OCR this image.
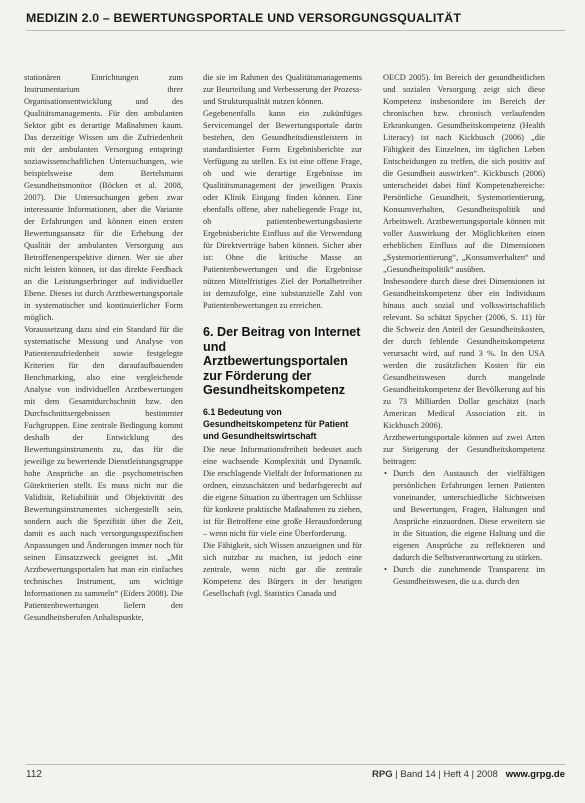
MEDIZIN 2.0 – BEWERTUNGSPORTALE UND VERSORGUNGSQUALITÄT

stationären Einrichtungen zum Instrumentarium ihrer Organisationsentwicklung und des Qualitätsmanagements. Für den ambulanten Sektor gibt es derartige Maßnahmen kaum. Das derzeitige Wissen um die Zufriedenheit mit der ambulanten Versorgung entspringt soziawissenschaftlichen Untersuchungen, wie beispielsweise dem Bertelsmann Gesundheitsmonitor (Böcken et al. 2008, 2007). Die Untersuchungen geben zwar interessante Informationen, aber die Variante der Erfahrungen und können einen ersten Bewertungsansatz für die Erhebung der Qualität der ambulanten Versorgung aus Betroffenenperspektive dienen. Wer sie aber nicht leisten können, ist das direkte Feedback an die Leistungserbringer auf individueller Ebene. Dieses ist durch Arztbewertungsportale in systematischer und kontinuierlicher Form möglich.

Voraussetzung dazu sind ein Standard für die systematische Messung und Analyse von Patientenzufriedenheit sowie festgelegte Kriterien für den daraufaufbauenden Benchmarking, also eine vergleichende Analyse von individuellen Arztbewertungen mit dem Gesamtdurchschnitt bzw. den Durchschnittsergebnissen bestimmter Fachgruppen. Eine zentrale Bedingung kommt deshalb der Entwicklung des Bewertungsinstruments zu, das für die jeweilige zu bewertende Dienstleistungsgruppe hohe Ansprüche an die psychometrischen Gütekriterien stellt. Es muss nicht nur die Validität, Reliabilität und Objektivität des Bewertungsinstrumentes sichergestellt sein, sondern auch die Spezifität über die Zeit, damit es auch nach versorgungsspezifischen Anpassungen und Änderungen immer noch für seinen Einsatzzweck geeignet ist. „Mit Arztbewertungsportalen hat man ein einfaches technisches Instrument, um wichtige Informationen zu sammeln“ (Eiders 2008). Die Patientenbewertungen liefern den Gesundheitsberufen Anhaltspunkte,

die sie im Rahmen des Qualitätsmanagements zur Beurteilung und Verbesserung der Prozess- und Strukturqualität nutzen können.

Gegebenenfalls kann ein zukünftiges Servicemangel der Bewertungsportale darin bestehen, den Gesundheitsdienstleistern in standardisierter Form Ergebnisberichte zur Verfügung zu stellen. Es ist eine offene Frage, ob und wie derartige Ergebnisse im Qualitätsmanagement der jeweiligen Praxis oder Klinik Eingang finden können. Eine ebenfalls offene, aber naheliegende Frage ist, ob patientenbewertungsbasierte Ergebnisberichte Einfluss auf die Verwendung für Direktverträge haben können. Sicher aber ist: Ohne die kritische Masse an Patientenbewertungen und die Ergebnisse nützen Mittelfristiges Ziel der Portalbetreiber ist demzufolge, eine substanzielle Zahl von Patientenbewertungen zu erreichen.

6. Der Beitrag von Internet und Arztbewertungsportalen zur Förderung der Gesundheitskompetenz
6.1 Bedeutung von Gesundheitskompetenz für Patient und Gesundheitswirtschaft

Die neue Informationsfreiheit bedeutet auch eine wachsende Komplexität und Dynamik. Die erschlagende Vielfalt der Informationen zu ordnen, einzuschätzen und bedarfsgerecht auf die eigene Situation zu übertragen um Schlüsse für konkrete praktische Maßnahmen zu ziehen, ist für Betroffene eine große Herausforderung – wenn nicht für viele eine Überforderung.

Die Fähigkeit, sich Wissen anzueignen und für sich nutzbar zu machen, ist jedoch eine zentrale, wenn nicht gar die zentrale Kompetenz des Bürgers in der heutigen Gesellschaft (vgl. Statistics Canada und

OECD 2005). Im Bereich der gesundheitlichen und sozialen Versorgung zeigt sich diese Kompetenz insbesondere im Bereich der chronischen bzw. chronisch verlaufenden Erkrankungen. Gesundheitskompetenz (Health Literacy) ist nach Kickbusch (2006) „die Fähigkeit des Einzelnen, im täglichen Leben Entscheidungen zu treffen, die sich positiv auf die Gesundheit auswirken“. Kickbusch (2006) unterscheidet dabei fünf Kompetenzbereiche: Persönliche Gesundheit, Systemorientierung, Konsumverhalten, Gesundheitspolitik und Arbeitswelt. Arztbewertungsportale können mit voller Auswirkung der Möglichkeiten einen erheblichen Einfluss auf die Dimensionen „Systemorientierung“, „Konsumverhalten“ und „Gesundheitspolitik“ ausüben.

Insbesondere durch diese drei Dimensionen ist Gesundheitskompetenz über ein Individuum hinaus auch sozial und volkswirtschaftlich relevant. So schätzt Spycher (2006, S. 11) für die Schweiz den Anteil der Gesundheitskosten, der durch fehlende Gesundheitskompetenz verursacht wird, auf rund 3 %. In den USA werden die zusätzlichen Kosten für ein Gesundheitswesen durch mangelnde Gesundheitskompetenz der Bevölkerung auf bis zu 73 Milliarden Dollar geschätzt (nach American Medical Association zit. in Kickbusch 2006).

Arztbewertungsportale können auf zwei Arten zur Steigerung der Gesundheitskompetenz beitragen:

• Durch den Austausch der vielfältigen persönlichen Erfahrungen lernen Patienten voneinander, unterschiedliche Sichtweisen und Bewertungen, Fragen, Haltungen und Ansprüche einzuordnen. Diese erweitern sie in die Situation, die eigene Haltung und die eigenen Ansprüche zu reflektieren und dadurch die Selbstverantwortung zu stärken.
• Durch die zunehmende Transparenz im Gesundheitswesen, die u.a. durch den
112	RPG | Band 14 | Heft 4 | 2008 www.grpg.de
